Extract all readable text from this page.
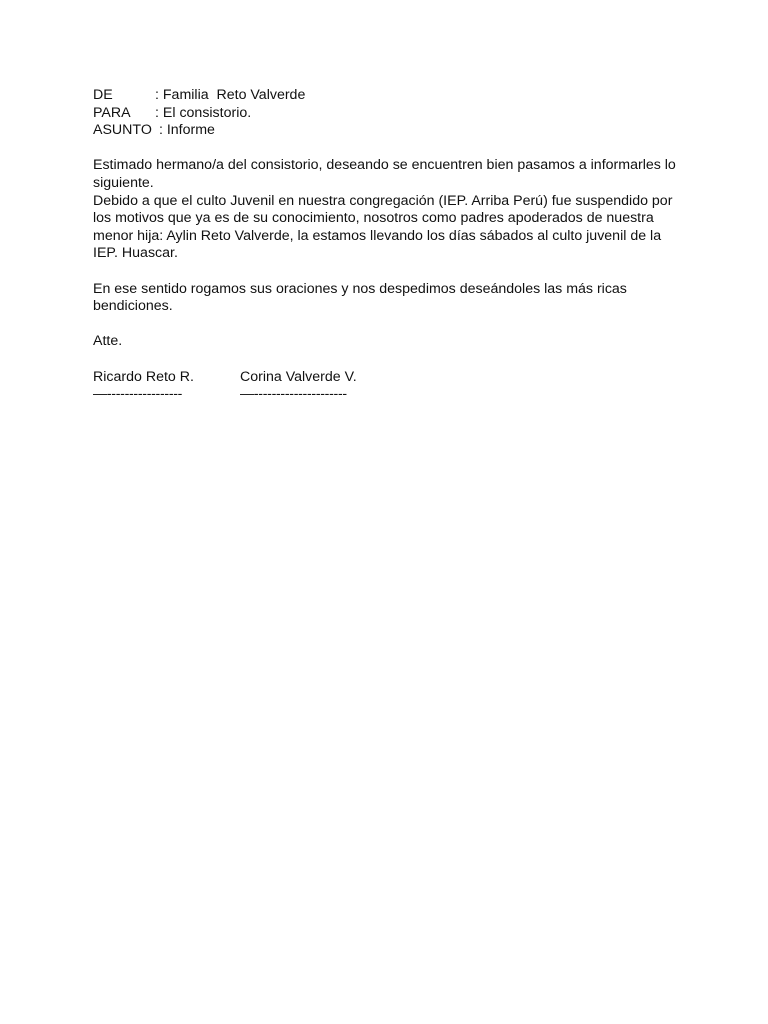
DE	: Familia  Reto Valverde
PARA	: El consistorio.
ASUNTO : Informe

Estimado hermano/a del consistorio, deseando se encuentren bien pasamos a informarles lo siguiente.

Debido a que el culto Juvenil en nuestra congregación (IEP. Arriba Perú) fue suspendido por los motivos que ya es de su conocimiento, nosotros como padres apoderados de nuestra menor hija: Aylin Reto Valverde, la estamos llevando los días sábados al culto juvenil de la IEP. Huascar.

En ese sentido rogamos sus oraciones y nos despedimos deseándoles las más ricas bendiciones.

Atte.

Ricardo Reto R.	Corina Valverde V.
—-----------------	—---------------------
